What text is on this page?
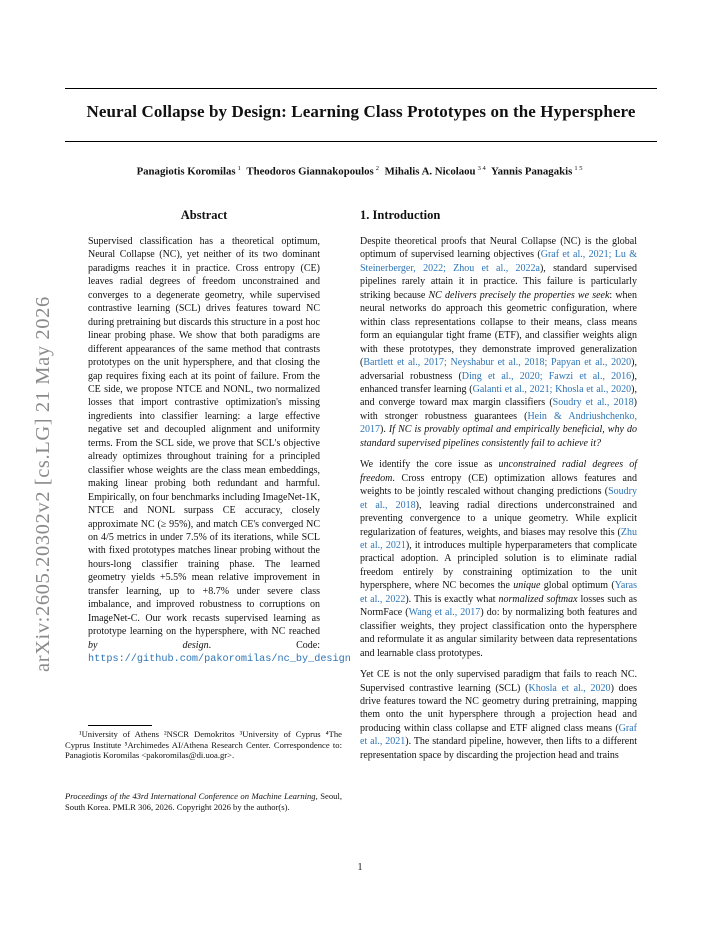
Neural Collapse by Design: Learning Class Prototypes on the Hypersphere
Panagiotis Koromilas $^1$ Theodoros Giannakopoulos $^2$ Mihalis A. Nicolaou $^{3 4}$ Yannis Panagakis $^{1 5}$
arXiv:2605.20302v2 [cs.LG] 21 May 2026
Abstract

Supervised classification has a theoretical optimum, Neural Collapse (NC), yet neither of its two dominant paradigms reaches it in practice. Cross entropy (CE) leaves radial degrees of freedom unconstrained and converges to a degenerate geometry, while supervised contrastive learning (SCL) drives features toward NC during pretraining but discards this structure in a post hoc linear probing phase. We show that both paradigms are different appearances of the same method that contrasts prototypes on the unit hypersphere, and that closing the gap requires fixing each at its point of failure. From the CE side, we propose NTCE and NONL, two normalized losses that import contrastive optimization's missing ingredients into classifier learning: a large effective negative set and decoupled alignment and uniformity terms. From the SCL side, we prove that SCL's objective already optimizes throughout training for a principled classifier whose weights are the class mean embeddings, making linear probing both redundant and harmful. Empirically, on four benchmarks including ImageNet-1K, NTCE and NONL surpass CE accuracy, closely approximate NC (≥ 95%), and match CE's converged NC on 4/5 metrics in under 7.5% of its iterations, while SCL with fixed prototypes matches linear probing without the hours-long classifier training phase. The learned geometry yields +5.5% mean relative improvement in transfer learning, up to +8.7% under severe class imbalance, and improved robustness to corruptions on ImageNet-C. Our work recasts supervised learning as prototype learning on the hypersphere, with NC reached by design. Code: https://github.com/pakoromilas/nc_by_design

¹University of Athens ²NSCR Demokritos ³University of Cyprus ⁴The Cyprus Institute ⁵Archimedes AI/Athena Research Center. Correspondence to: Panagiotis Koromilas <pakoromilas@di.uoa.gr>.
Proceedings of the 43rd International Conference on Machine Learning, Seoul, South Korea. PMLR 306, 2026. Copyright 2026 by the author(s).
1. Introduction

Despite theoretical proofs that Neural Collapse (NC) is the global optimum of supervised learning objectives (Graf et al., 2021; Lu & Steinerberger, 2022; Zhou et al., 2022a), standard supervised pipelines rarely attain it in practice. This failure is particularly striking because NC delivers precisely the properties we seek: when neural networks do approach this geometric configuration, where within class representations collapse to their means, class means form an equiangular tight frame (ETF), and classifier weights align with these prototypes, they demonstrate improved generalization (Bartlett et al., 2017; Neyshabur et al., 2018; Papyan et al., 2020), adversarial robustness (Ding et al., 2020; Fawzi et al., 2016), enhanced transfer learning (Galanti et al., 2021; Khosla et al., 2020), and converge toward max margin classifiers (Soudry et al., 2018) with stronger robustness guarantees (Hein & Andriushchenko, 2017). If NC is provably optimal and empirically beneficial, why do standard supervised pipelines consistently fail to achieve it?

We identify the core issue as unconstrained radial degrees of freedom. Cross entropy (CE) optimization allows features and weights to be jointly rescaled without changing predictions (Soudry et al., 2018), leaving radial directions underconstrained and preventing convergence to a unique geometry. While explicit regularization of features, weights, and biases may resolve this (Zhu et al., 2021), it introduces multiple hyperparameters that complicate practical adoption. A principled solution is to eliminate radial freedom entirely by constraining optimization to the unit hypersphere, where NC becomes the unique global optimum (Yaras et al., 2022). This is exactly what normalized softmax losses such as NormFace (Wang et al., 2017) do: by normalizing both features and classifier weights, they project classification onto the hypersphere and reformulate it as angular similarity between data representations and learnable class prototypes.

Yet CE is not the only supervised paradigm that fails to reach NC. Supervised contrastive learning (SCL) (Khosla et al., 2020) does drive features toward the NC geometry during pretraining, mapping them onto the unit hypersphere through a projection head and producing within class collapse and ETF aligned class means (Graf et al., 2021). The standard pipeline, however, then lifts to a different representation space by discarding the projection head and trains

1
